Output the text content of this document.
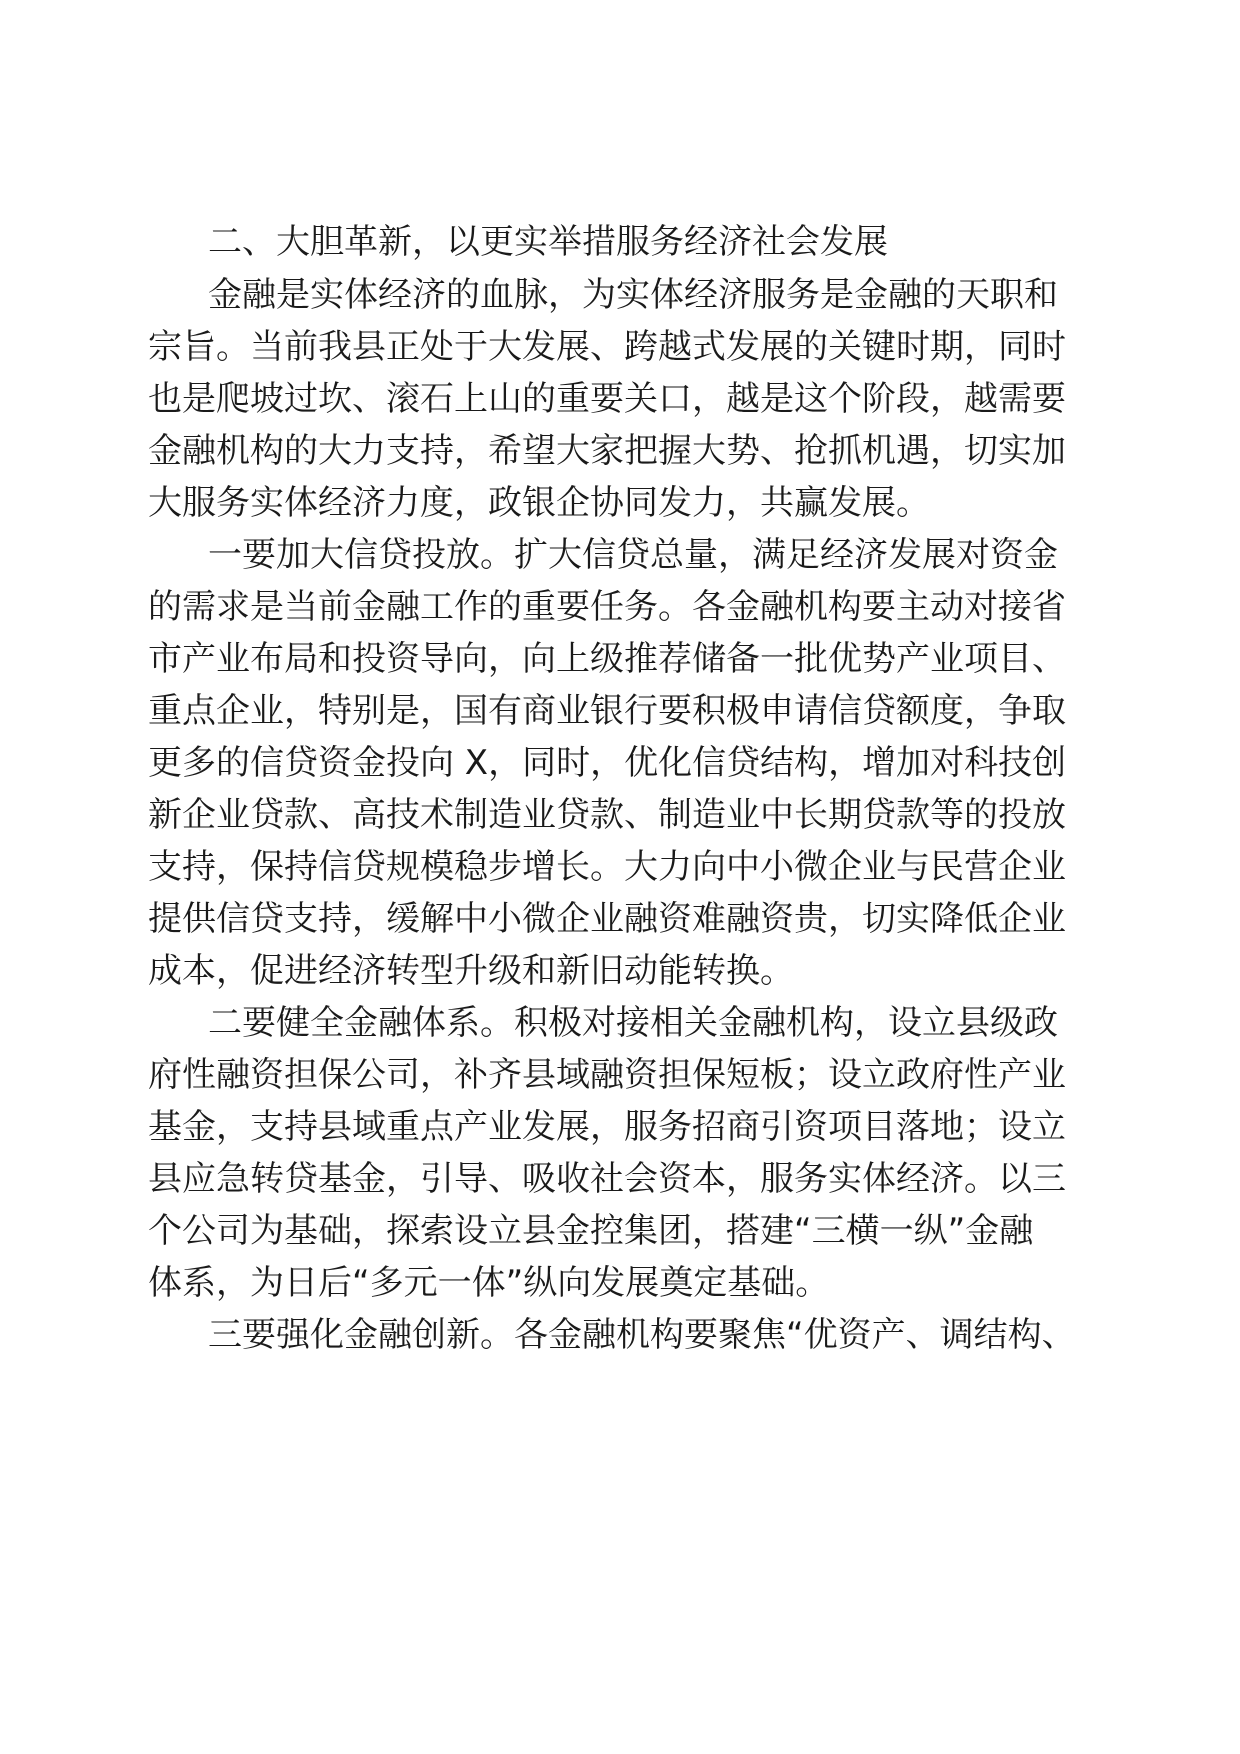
二、大胆革新，以更实举措服务经济社会发展
金融是实体经济的血脉，为实体经济服务是金融的天职和
宗旨。当前我县正处于大发展、跨越式发展的关键时期，同时
也是爬坡过坎、滚石上山的重要关口，越是这个阶段，越需要
金融机构的大力支持，希望大家把握大势、抢抓机遇，切实加
大服务实体经济力度，政银企协同发力，共赢发展。
一要加大信贷投放。扩大信贷总量，满足经济发展对资金
的需求是当前金融工作的重要任务。各金融机构要主动对接省
市产业布局和投资导向，向上级推荐储备一批优势产业项目、
重点企业，特别是，国有商业银行要积极申请信贷额度，争取
更多的信贷资金投向 X，同时，优化信贷结构，增加对科技创
新企业贷款、高技术制造业贷款、制造业中长期贷款等的投放
支持，保持信贷规模稳步增长。大力向中小微企业与民营企业
提供信贷支持，缓解中小微企业融资难融资贵，切实降低企业
成本，促进经济转型升级和新旧动能转换。
二要健全金融体系。积极对接相关金融机构，设立县级政
府性融资担保公司，补齐县域融资担保短板；设立政府性产业
基金，支持县域重点产业发展，服务招商引资项目落地；设立
县应急转贷基金，引导、吸收社会资本，服务实体经济。以三
个公司为基础，探索设立县金控集团，搭建“三横一纵”金融
体系，为日后“多元一体”纵向发展奠定基础。
三要强化金融创新。各金融机构要聚焦“优资产、调结构、
